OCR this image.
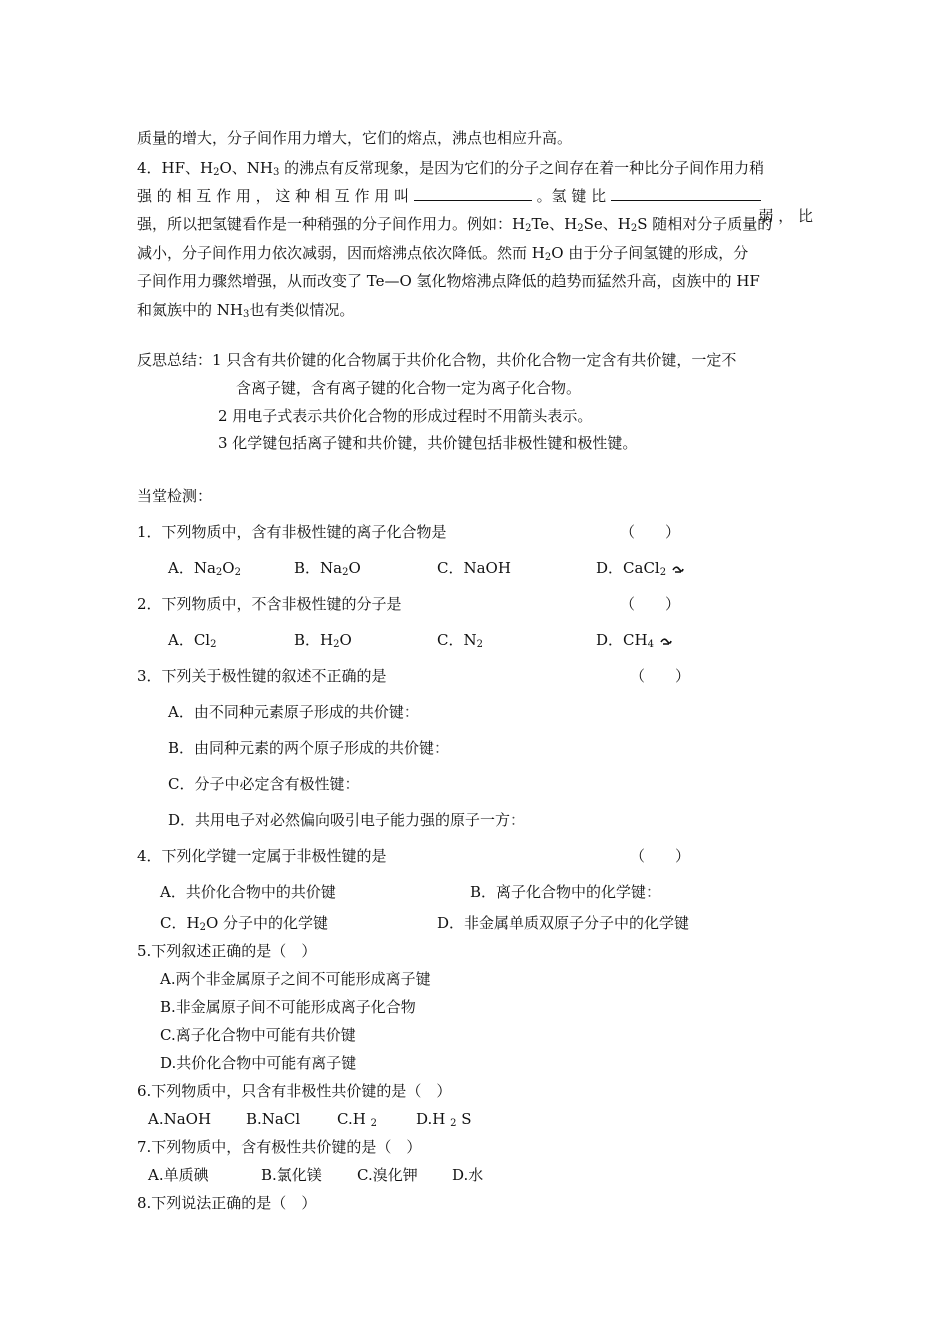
质量的增大，分子间作用力增大，它们的熔点，沸点也相应升高。
4．HF、$H_2O$、$NH_3$ 的沸点有反常现象，是因为它们的分子之间存在着一种比分子间作用力稍
强 的 相 互 作 用 ， 这 种 相 互 作 用 叫	。氢 键 比
弱 ， 比
强，所以把氢键看作是一种稍强的分子间作用力。例如：$H_2Te$、$H_2Se$、$H_2S$ 随相对分子质量的
减小，分子间作用力依次减弱，因而熔沸点依次降低。然而 $H_2O$ 由于分子间氢键的形成，分
子间作用力骤然增强，从而改变了 Te—O 氢化物熔沸点降低的趋势而猛然升高，卤族中的 HF
和氮族中的 $NH_3$也有类似情况。
反思总结：1 只含有共价键的化合物属于共价化合物，共价化合物一定含有共价键，一定不
含离子键，含有离子键的化合物一定为离子化合物。
2 用电子式表示共价化合物的形成过程时不用箭头表示。
3 化学键包括离子键和共价键，共价键包括非极性键和极性键。
当堂检测：
1．下列物质中，含有非极性键的离子化合物是	（　　）
A．$Na_2O_2$	B．$Na_2O$	C．NaOH	D．CaCl$_2$
2．下列物质中，不含非极性键的分子是	（　　）
A．$Cl_2$	B．$H_2O$	C．$N_2$	D．$CH_4$
3．下列关于极性键的叙述不正确的是	（　　）
A．由不同种元素原子形成的共价键：
B．由同种元素的两个原子形成的共价键：
C．分子中必定含有极性键：
D．共用电子对必然偏向吸引电子能力强的原子一方：
4．下列化学键一定属于非极性键的是	（　　）
A．共价化合物中的共价键	B．离子化合物中的化学键：
C．$H_2O$ 分子中的化学键	D．非金属单质双原子分子中的化学键
5.下列叙述正确的是（　）
A.两个非金属原子之间不可能形成离子键
B.非金属原子间不可能形成离子化合物
C.离子化合物中可能有共价键
D.共价化合物中可能有离子键
6.下列物质中，只含有非极性共价键的是（　）
A.NaOH B.NaCl C.H $_2$	D.H $_2$ S
7.下列物质中，含有极性共价键的是（　）
A.单质碘	B.氯化镁 C.溴化钾 D.水
8.下列说法正确的是（　）
